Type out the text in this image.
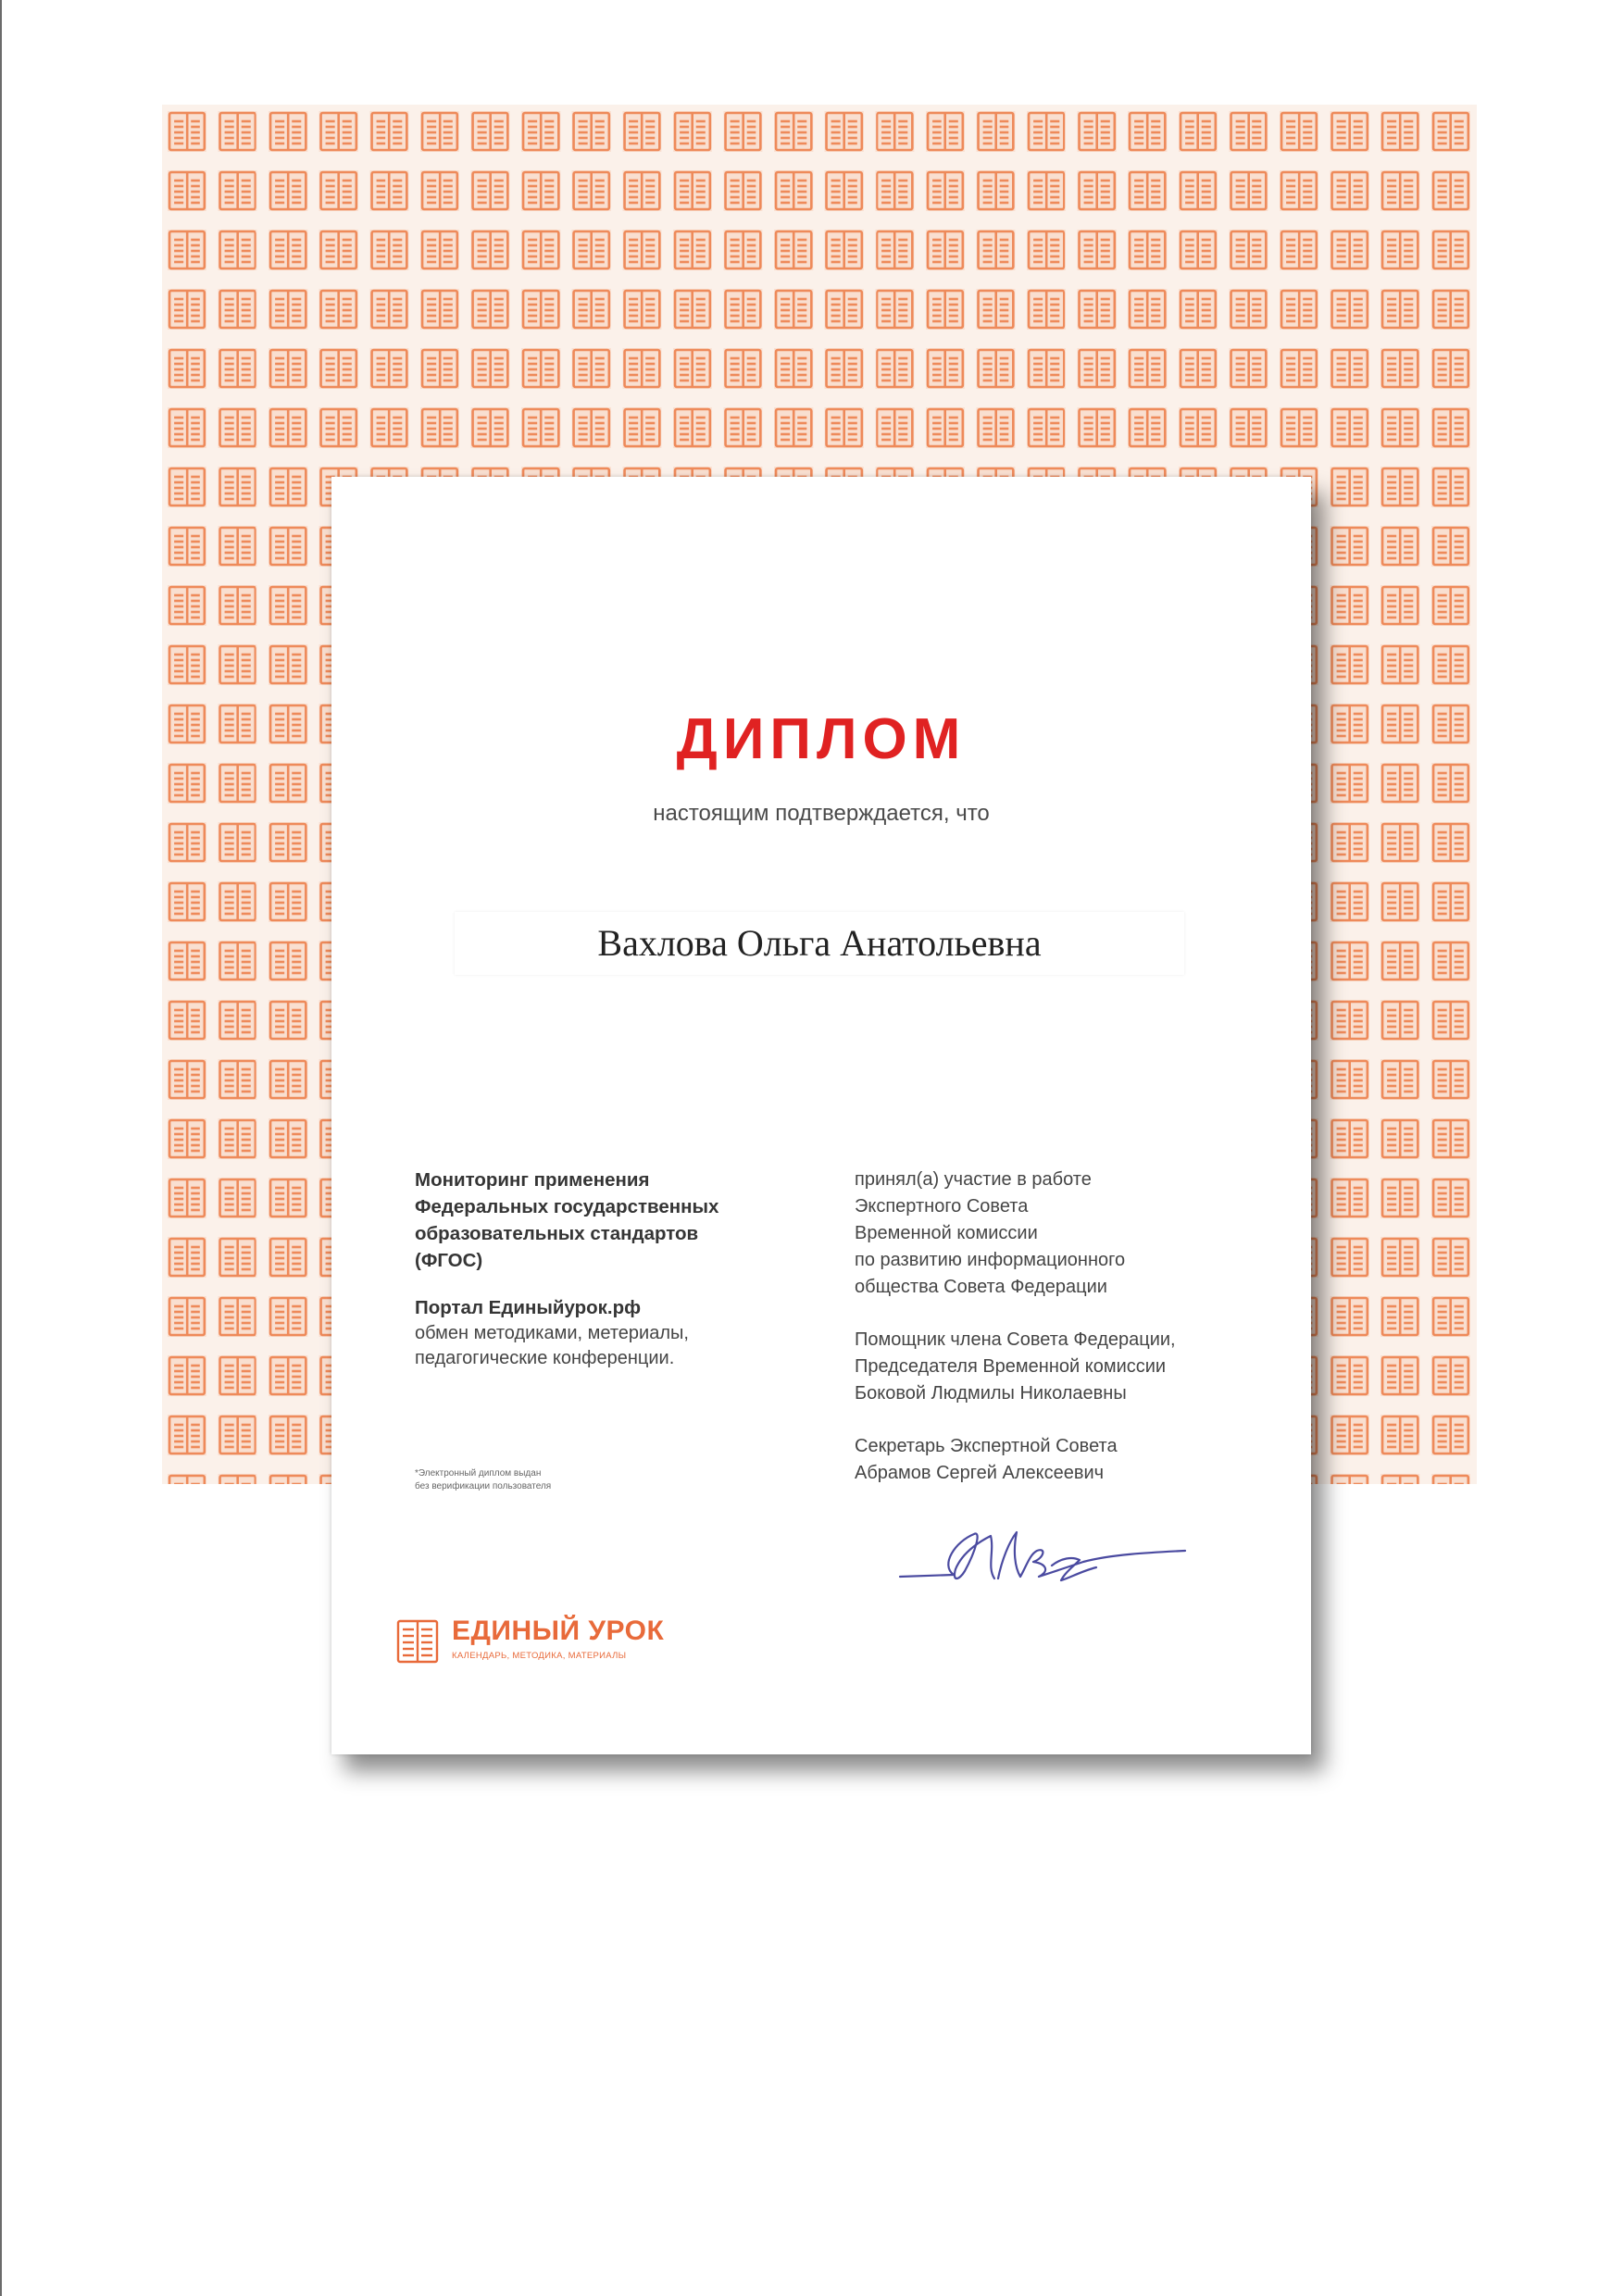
ДИПЛОМ
настоящим подтверждается, что
Вахлова Ольга Анатольевна
Мониторинг применения
Федеральных государственных
образовательных стандартов
(ФГОС)
Портал Единыйурок.рф
обмен методиками, метериалы,
педагогические конференции.
*Электронный диплом выдан
без верификации пользователя
принял(а) участие в работе
Экспертного Совета
Временной комиссии
по развитию информационного
общества Совета Федерации
Помощник члена Совета Федерации,
Председателя Временной комиссии
Боковой Людмилы Николаевны
Секретарь Экспертной Совета
Абрамов Сергей Алексеевич
ЕДИНЫЙ УРОК
КАЛЕНДАРЬ, МЕТОДИКА, МАТЕРИАЛЫ
